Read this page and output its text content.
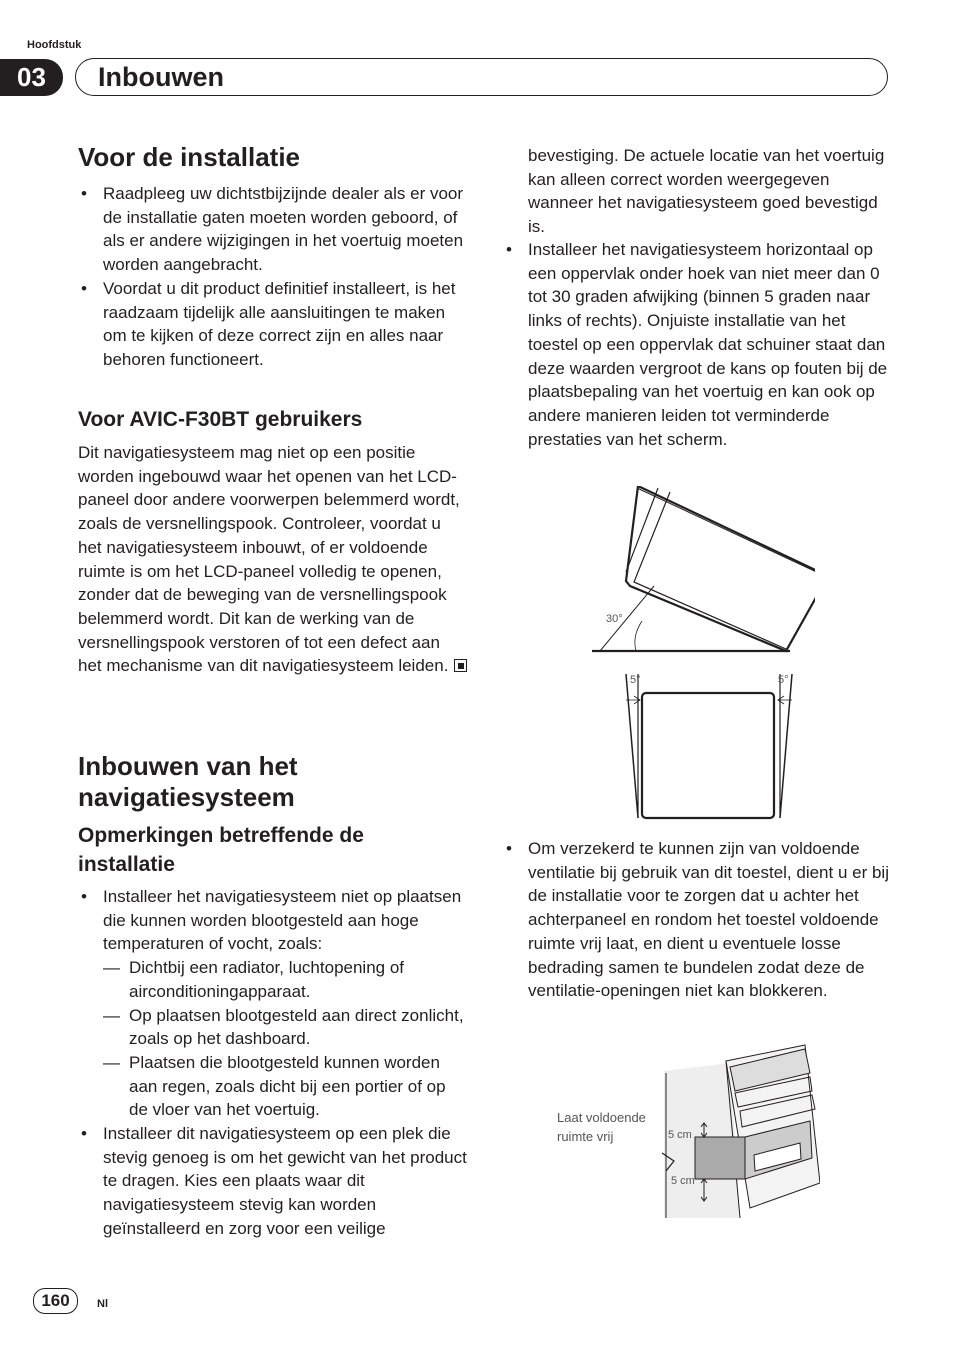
Hoofdstuk
03	Inbouwen
Voor de installatie
• Raadpleeg uw dichtstbijzijnde dealer als er voor de installatie gaten moeten worden geboord, of als er andere wijzigingen in het voertuig moeten worden aangebracht.
• Voordat u dit product definitief installeert, is het raadzaam tijdelijk alle aansluitingen te maken om te kijken of deze correct zijn en alles naar behoren functioneert.
Voor AVIC-F30BT gebruikers
Dit navigatiesysteem mag niet op een positie worden ingebouwd waar het openen van het LCD-paneel door andere voorwerpen belemmerd wordt, zoals de versnellingspook. Controleer, voordat u het navigatiesysteem inbouwt, of er voldoende ruimte is om het LCD-paneel volledig te openen, zonder dat de beweging van de versnellingspook belemmerd wordt. Dit kan de werking van de versnellingspook verstoren of tot een defect aan het mechanisme van dit navigatiesysteem leiden.
Inbouwen van het navigatiesysteem
Opmerkingen betreffende de installatie
• Installeer het navigatiesysteem niet op plaatsen die kunnen worden blootgesteld aan hoge temperaturen of vocht, zoals:
— Dichtbij een radiator, luchtopening of airconditioningapparaat.
— Op plaatsen blootgesteld aan direct zonlicht, zoals op het dashboard.
— Plaatsen die blootgesteld kunnen worden aan regen, zoals dicht bij een portier of op de vloer van het voertuig.
• Installeer dit navigatiesysteem op een plek die stevig genoeg is om het gewicht van het product te dragen. Kies een plaats waar dit navigatiesysteem stevig kan worden geïnstalleerd en zorg voor een veilige
• bevestiging. De actuele locatie van het voertuig kan alleen correct worden weergegeven wanneer het navigatiesysteem goed bevestigd is.
• Installeer het navigatiesysteem horizontaal op een oppervlak onder hoek van niet meer dan 0 tot 30 graden afwijking (binnen 5 graden naar links of rechts). Onjuiste installatie van het toestel op een oppervlak dat schuiner staat dan deze waarden vergroot de kans op fouten bij de plaatsbepaling van het voertuig en kan ook op andere manieren leiden tot verminderde prestaties van het scherm.
30°
5°	5°
• Om verzekerd te kunnen zijn van voldoende ventilatie bij gebruik van dit toestel, dient u er bij de installatie voor te zorgen dat u achter het achterpaneel en rondom het toestel voldoende ruimte vrij laat, en dient u eventuele losse bedrading samen te bundelen zodat deze de ventilatie-openingen niet kan blokkeren.
Laat voldoende ruimte vrij	5 cm
5 cm
160	Nl
